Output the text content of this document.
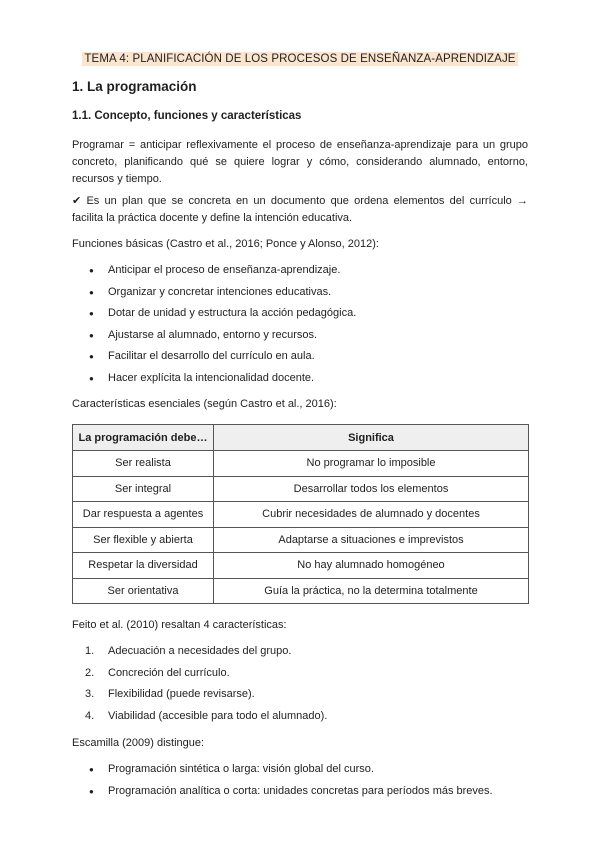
TEMA 4: PLANIFICACIÓN DE LOS PROCESOS DE ENSEÑANZA-APRENDIZAJE
1. La programación
1.1. Concepto, funciones y características

Programar = anticipar reflexivamente el proceso de enseñanza-aprendizaje para un grupo concreto, planificando qué se quiere lograr y cómo, considerando alumnado, entorno, recursos y tiempo.

✔ Es un plan que se concreta en un documento que ordena elementos del currículo → facilita la práctica docente y define la intención educativa.

Funciones básicas (Castro et al., 2016; Ponce y Alonso, 2012):

● Anticipar el proceso de enseñanza-aprendizaje.
● Organizar y concretar intenciones educativas.
● Dotar de unidad y estructura la acción pedagógica.
● Ajustarse al alumnado, entorno y recursos.
● Facilitar el desarrollo del currículo en aula.
● Hacer explícita la intencionalidad docente.

Características esenciales (según Castro et al., 2016):

La programación debe…	Significa
Ser realista	No programar lo imposible
Ser integral	Desarrollar todos los elementos
Dar respuesta a agentes	Cubrir necesidades de alumnado y docentes
Ser flexible y abierta	Adaptarse a situaciones e imprevistos
Respetar la diversidad	No hay alumnado homogéneo
Ser orientativa	Guía la práctica, no la determina totalmente

Feito et al. (2010) resaltan 4 características:

1. Adecuación a necesidades del grupo.
2. Concreción del currículo.
3. Flexibilidad (puede revisarse).
4. Viabilidad (accesible para todo el alumnado).

Escamilla (2009) distingue:

● Programación sintética o larga: visión global del curso.
● Programación analítica o corta: unidades concretas para períodos más breves.
